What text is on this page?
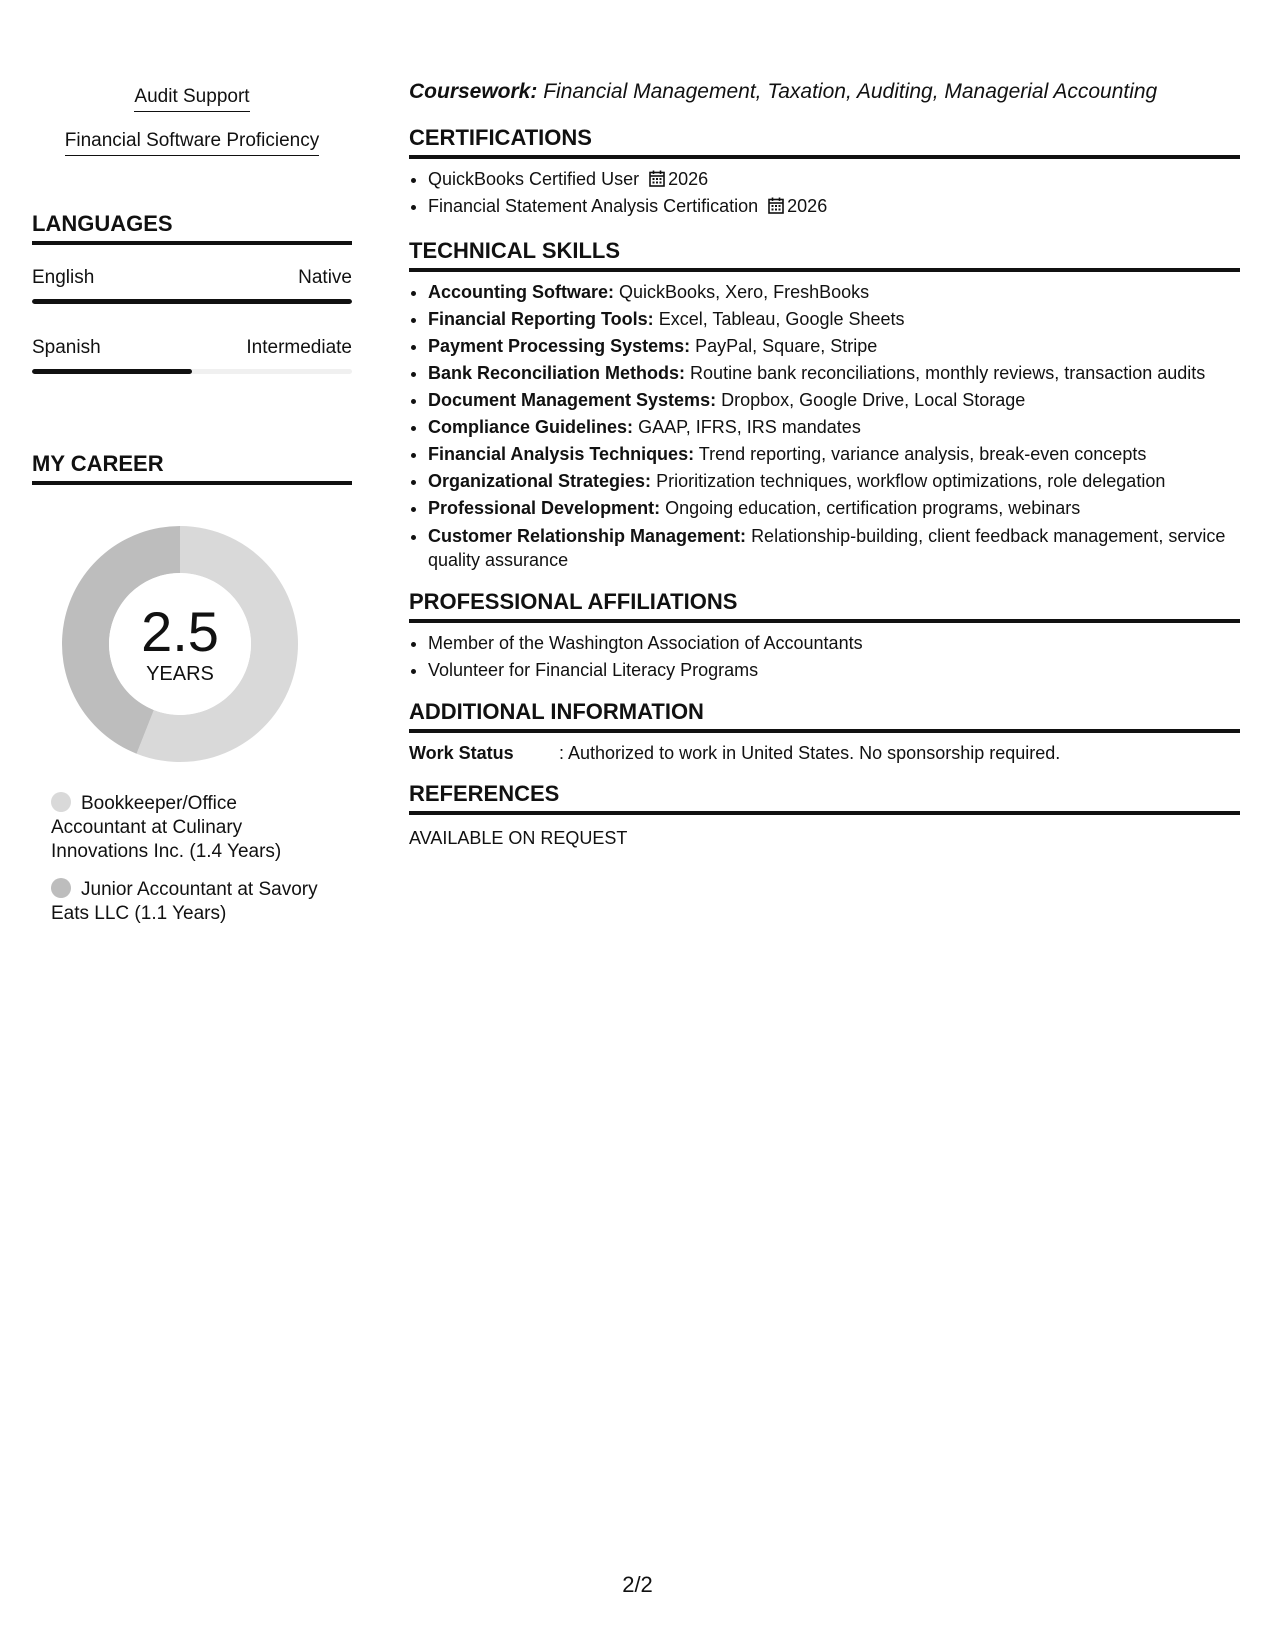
Audit Support
Financial Software Proficiency
LANGUAGES
English	Native
Spanish	Intermediate
MY CAREER
2.5
YEARS
Bookkeeper/Office Accountant at Culinary Innovations Inc. (1.4 Years)
Junior Accountant at Savory Eats LLC (1.1 Years)
Coursework: Financial Management, Taxation, Auditing, Managerial Accounting
CERTIFICATIONS
• QuickBooks Certified User 2026
• Financial Statement Analysis Certification 2026
TECHNICAL SKILLS
• Accounting Software: QuickBooks, Xero, FreshBooks
• Financial Reporting Tools: Excel, Tableau, Google Sheets
• Payment Processing Systems: PayPal, Square, Stripe
• Bank Reconciliation Methods: Routine bank reconciliations, monthly reviews, transaction audits
• Document Management Systems: Dropbox, Google Drive, Local Storage
• Compliance Guidelines: GAAP, IFRS, IRS mandates
• Financial Analysis Techniques: Trend reporting, variance analysis, break-even concepts
• Organizational Strategies: Prioritization techniques, workflow optimizations, role delegation
• Professional Development: Ongoing education, certification programs, webinars
• Customer Relationship Management: Relationship-building, client feedback management, service quality assurance
PROFESSIONAL AFFILIATIONS
• Member of the Washington Association of Accountants
• Volunteer for Financial Literacy Programs
ADDITIONAL INFORMATION
Work Status	: Authorized to work in United States. No sponsorship required.
REFERENCES
AVAILABLE ON REQUEST
2/2
